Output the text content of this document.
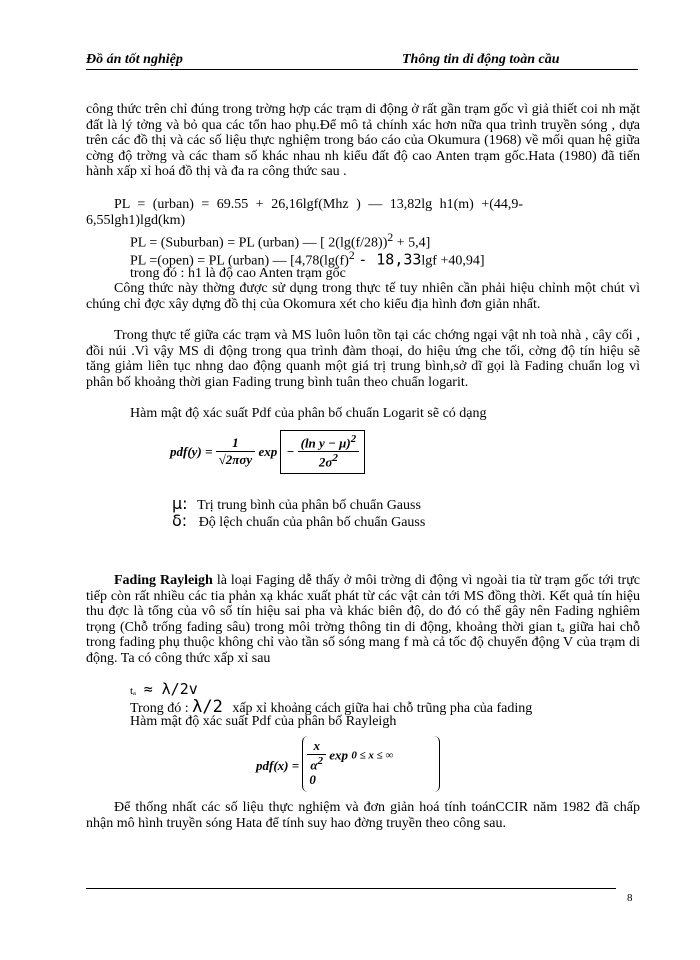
Đồ án tốt nghiệp	Thông tin di động toàn cầu

công thức trên chỉ đúng trong trờng hợp các trạm di động ở rất gần trạm gốc vì giả thiết coi nh mặt đất là lý tởng và bỏ qua các tổn hao phụ.Để mô tả chính xác hơn nữa qua trình truyền sóng , dựa trên các đồ thị và các số liệu thực nghiệm trong báo cáo của Okumura (1968) về mối quan hệ giữa cờng độ trờng và các tham số khác nhau nh kiểu đất độ cao Anten trạm gốc.Hata (1980) đã tiến hành xấp xỉ hoá đồ thị và đa ra công thức sau .

PL = (urban) = 69.55 + 26,16lgf(Mhz ) — 13,82lg h1(m) +(44,9-
6,55lgh1)lgd(km)
PL = (Suburban) = PL (urban) — [ $2(\lg(f/28))^2 + 5,4$]
PL =(open) = PL (urban) — [$4,78(\lg(f)^2 - 18,33\lg f +40,94]$
trong đó : h1 là độ cao Anten trạm gốc

Công thức này thờng được sử dụng trong thực tế tuy nhiên cần phải hiệu chỉnh một chút vì chúng chỉ đợc xây dựng đồ thị của Okomura xét cho kiểu địa hình đơn giản nhất.

Trong thực tế giữa các trạm và MS luôn luôn tồn tại các chớng ngại vật nh toà nhà , cây cối , đồi núi .Vì vậy MS di động trong qua trình đàm thoại, do hiệu ứng che tối, cờng độ tín hiệu sẽ tăng giảm liên tục nhng dao động quanh một giá trị trung bình,sở dĩ gọi là Fading chuẩn log vì phân bố khoảng thời gian Fading trung bình tuân theo chuẩn logarit.

Hàm mật độ xác suất Pdf của phân bố chuẩn Logarit sẽ có dạng
$pdf(y) = \frac{1}{\text{√2πσy}}$ $\exp - \frac{(\ln y - \mu)^2}{2\sigma^2}$
μ: Trị trung bình của phân bố chuẩn Gauss
δ: Độ lệch chuẩn của phân bố chuẩn Gauss

Fading Rayleigh là loại Faging dễ thấy ở môi trờng di động vì ngoài tia từ trạm gốc tới trực tiếp còn rất nhiều các tia phản xạ khác xuất phát từ các vật cản tới MS đồng thời. Kết quả tín hiệu thu đợc là tổng của vô số tín hiệu sai pha và khác biên độ, do đó có thể gây nên Fading nghiêm trọng (Chỗ trống fading sâu) trong môi trờng thông tin di động, khoảng thời gian tₐ giữa hai chỗ trong fading phụ thuộc không chỉ vào tần số sóng mang f mà cả tốc độ chuyển động V của trạm di động. Ta có công thức xấp xỉ sau

tₐ ≈ λ/2v
Trong đó : λ/2 xấp xỉ khoảng cách giữa hai chỗ trũng pha của fading
Hàm mật độ xác suất Pdf của phân bố Rayleigh
$pdf(x) = \frac{x}{\alpha^2}$ exp 0 ≤ x ≤ ∞
0

Để thống nhất các số liệu thực nghiệm và đơn giản hoá tính toánCCIR năm 1982 đã chấp nhận mô hình truyền sóng Hata để tính suy hao đờng truyền theo công sau.

8
